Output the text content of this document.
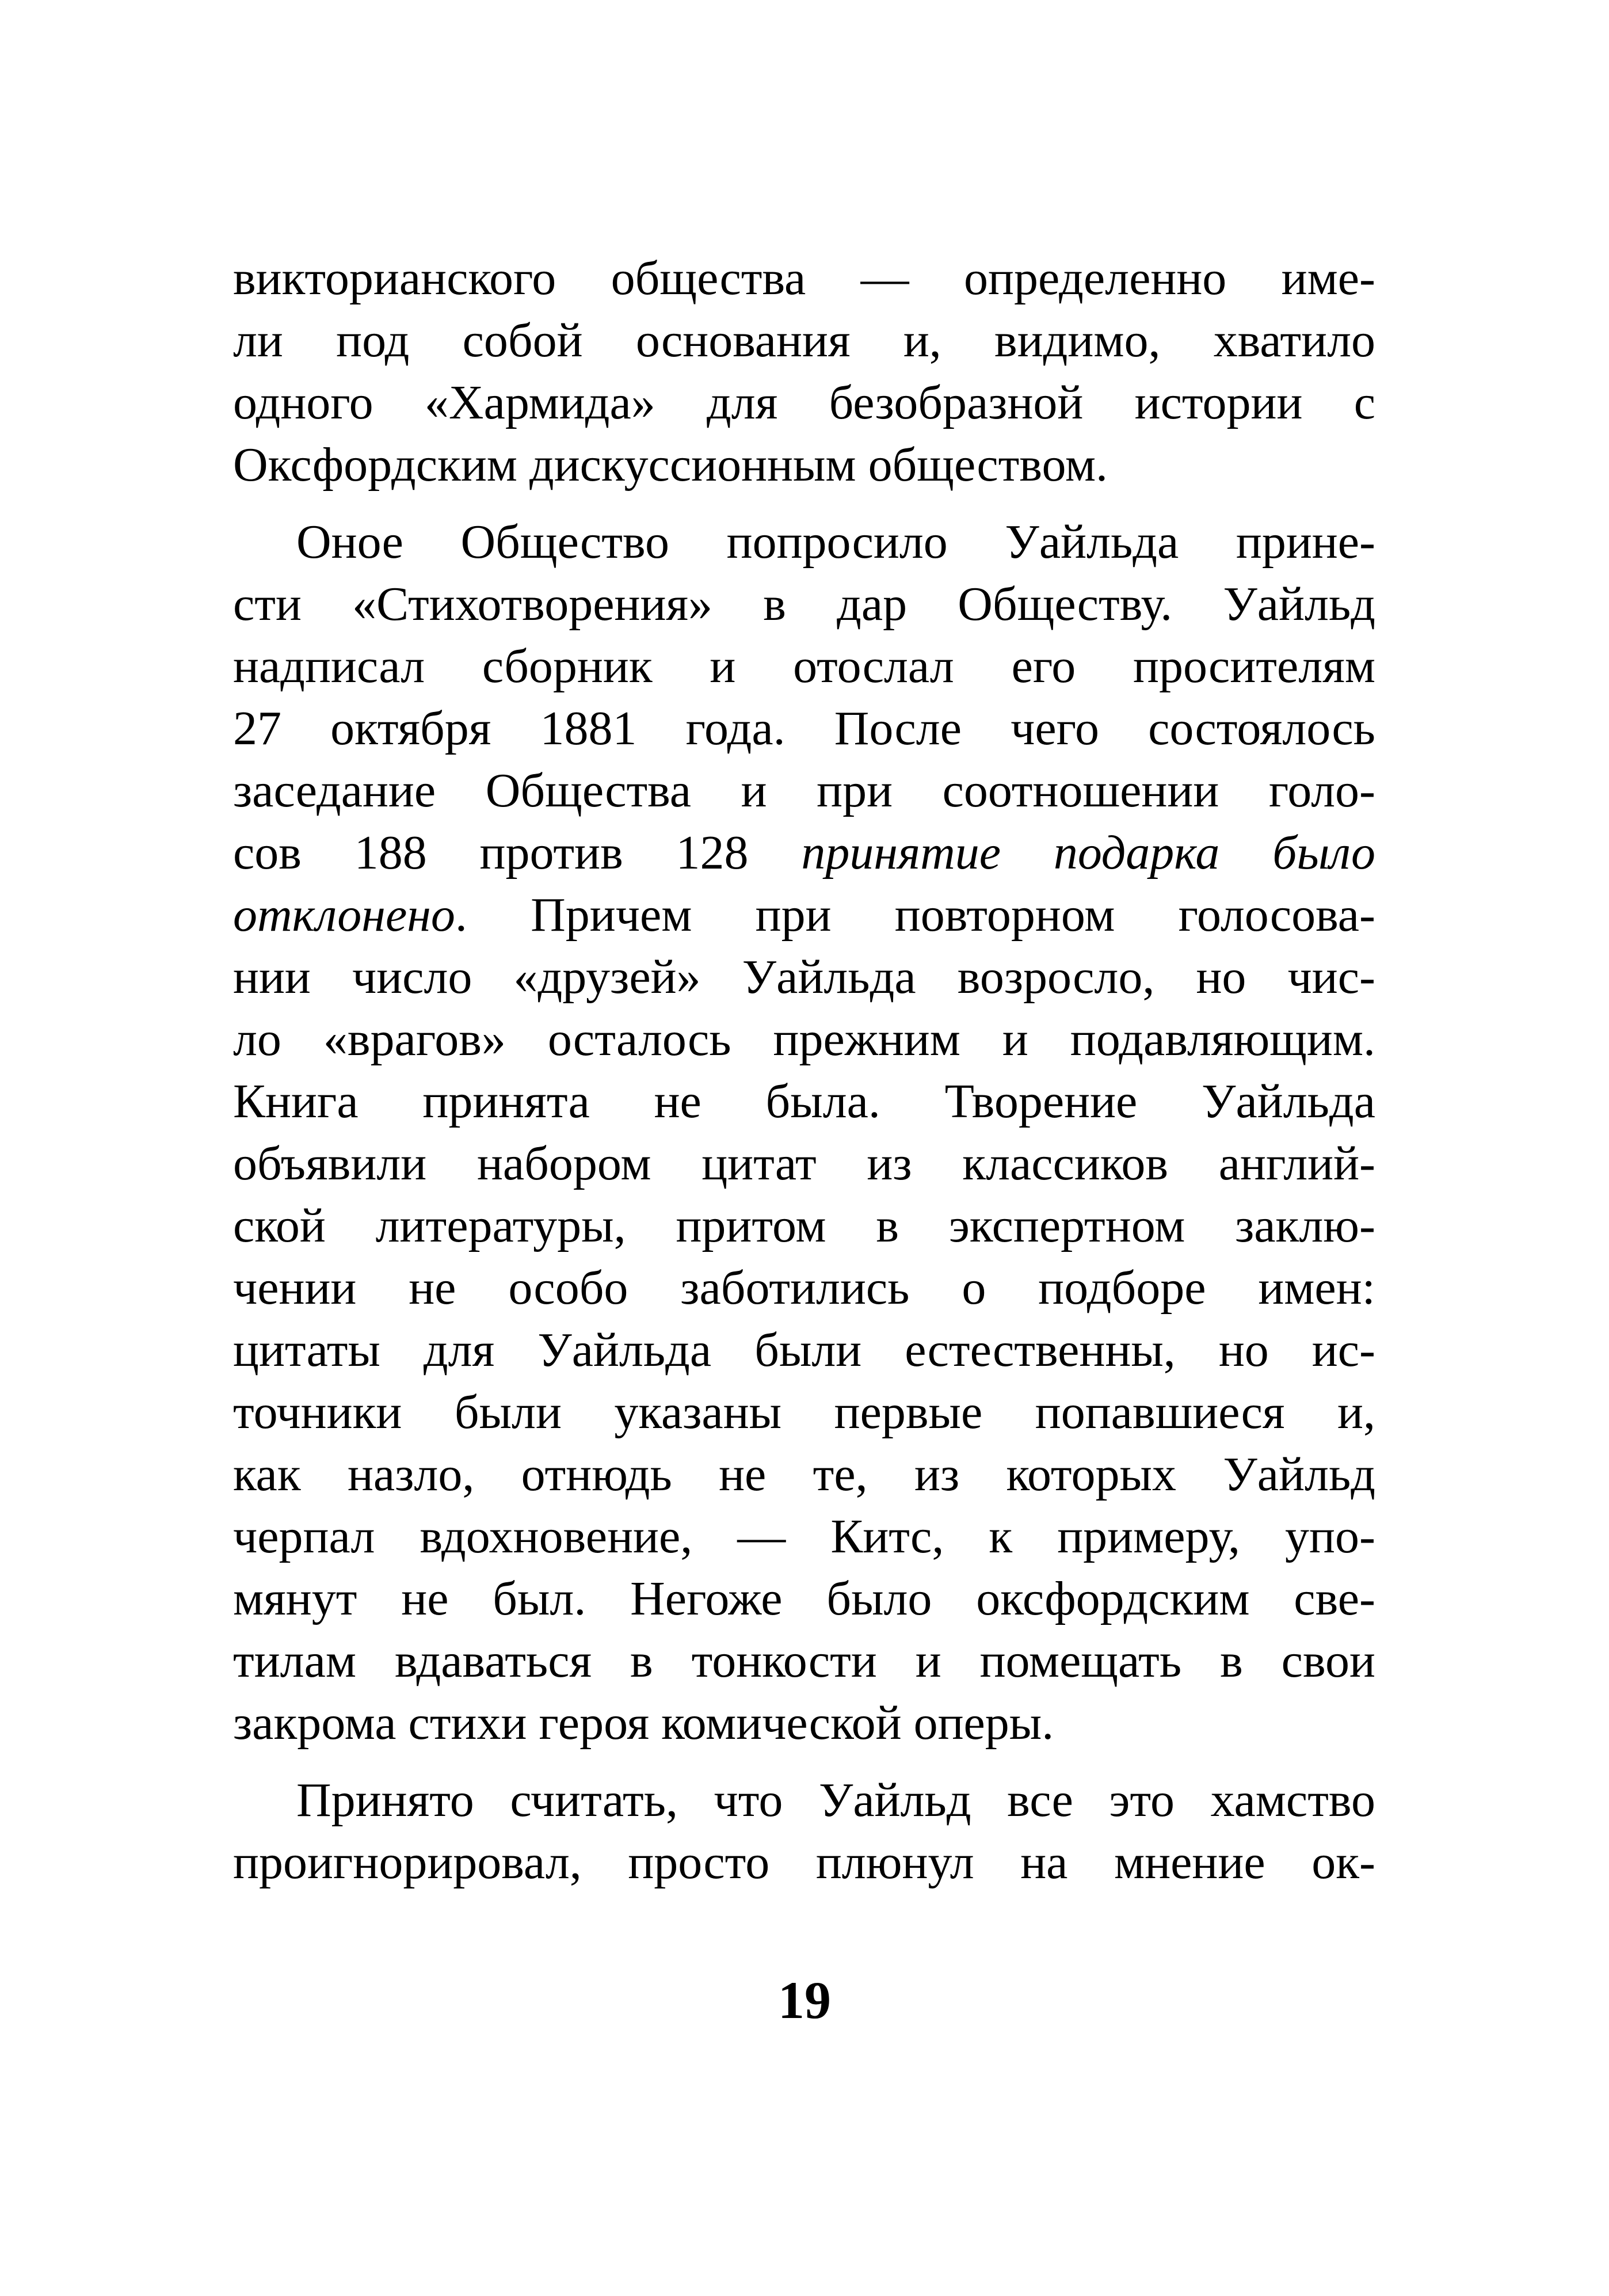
викторианского общества — определенно име-
ли под собой основания и, видимо, хватило
одного «Хармида» для безобразной истории с
Оксфордским дискуссионным обществом.
Оное Общество попросило Уайльда прине-
сти «Стихотворения» в дар Обществу. Уайльд
надписал сборник и отослал его просителям
27 октября 1881 года. После чего состоялось
заседание Общества и при соотношении голо-
сов 188 против 128 принятие подарка было
отклонено. Причем при повторном голосова-
нии число «друзей» Уайльда возросло, но чис-
ло «врагов» осталось прежним и подавляющим.
Книга принята не была. Творение Уайльда
объявили набором цитат из классиков англий-
ской литературы, притом в экспертном заклю-
чении не особо заботились о подборе имен:
цитаты для Уайльда были естественны, но ис-
точники были указаны первые попавшиеся и,
как назло, отнюдь не те, из которых Уайльд
черпал вдохновение, — Китс, к примеру, упо-
мянут не был. Негоже было оксфордским све-
тилам вдаваться в тонкости и помещать в свои
закрома стихи героя комической оперы.
Принято считать, что Уайльд все это хамство
проигнорировал, просто плюнул на мнение ок-
19
